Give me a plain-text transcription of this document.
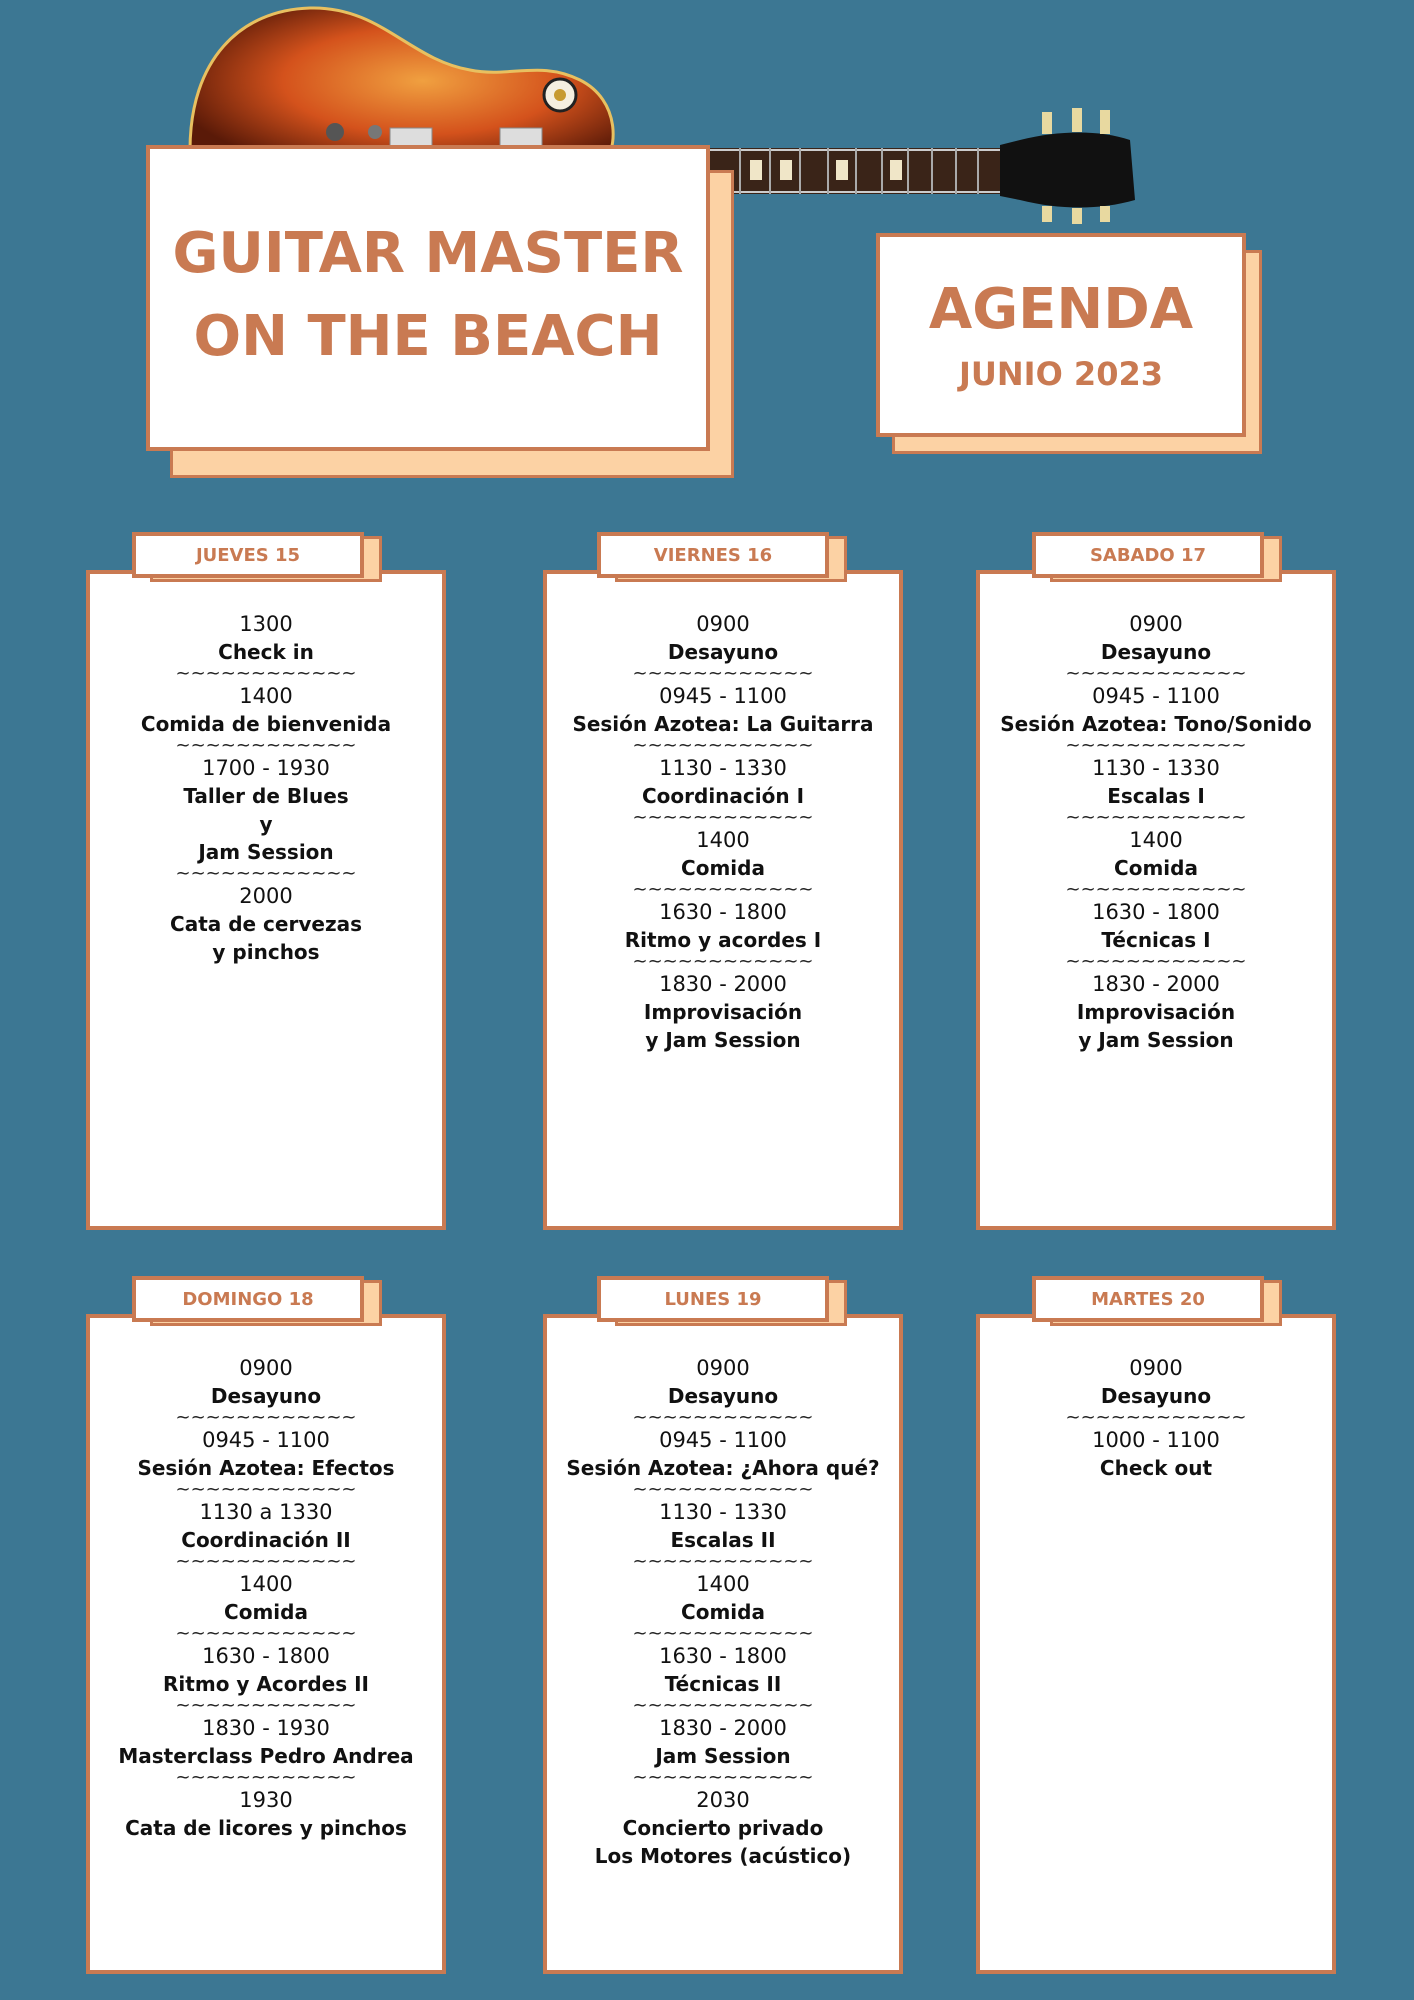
GUITAR MASTER
ON THE BEACH	AGENDA
JUNIO 2023
1300
Check in
~~~~~~~~~~~~
1400
Comida de bienvenida
~~~~~~~~~~~~
1700 - 1930
Taller de Blues
y
Jam Session
~~~~~~~~~~~~
2000
Cata de cervezas
y pinchos
JUEVES 15
0900
Desayuno
~~~~~~~~~~~~
0945 - 1100
Sesión Azotea: La Guitarra
~~~~~~~~~~~~
1130 - 1330
Coordinación I
~~~~~~~~~~~~
1400
Comida
~~~~~~~~~~~~
1630 - 1800
Ritmo y acordes I
~~~~~~~~~~~~
1830 - 2000
Improvisación
y Jam Session
VIERNES 16
0900
Desayuno
~~~~~~~~~~~~
0945 - 1100
Sesión Azotea: Tono/Sonido
~~~~~~~~~~~~
1130 - 1330
Escalas I
~~~~~~~~~~~~
1400
Comida
~~~~~~~~~~~~
1630 - 1800
Técnicas I
~~~~~~~~~~~~
1830 - 2000
Improvisación
y Jam Session
SABADO 17
0900
Desayuno
~~~~~~~~~~~~
0945 - 1100
Sesión Azotea: Efectos
~~~~~~~~~~~~
1130 a 1330
Coordinación II
~~~~~~~~~~~~
1400
Comida
~~~~~~~~~~~~
1630 - 1800
Ritmo y Acordes II
~~~~~~~~~~~~
1830 - 1930
Masterclass Pedro Andrea
~~~~~~~~~~~~
1930
Cata de licores y pinchos
DOMINGO 18
0900
Desayuno
~~~~~~~~~~~~
0945 - 1100
Sesión Azotea: ¿Ahora qué?
~~~~~~~~~~~~
1130 - 1330
Escalas II
~~~~~~~~~~~~
1400
Comida
~~~~~~~~~~~~
1630 - 1800
Técnicas II
~~~~~~~~~~~~
1830 - 2000
Jam Session
~~~~~~~~~~~~
2030
Concierto privado
Los Motores (acústico)
LUNES 19
0900
Desayuno
~~~~~~~~~~~~
1000 - 1100
Check out
MARTES 20
